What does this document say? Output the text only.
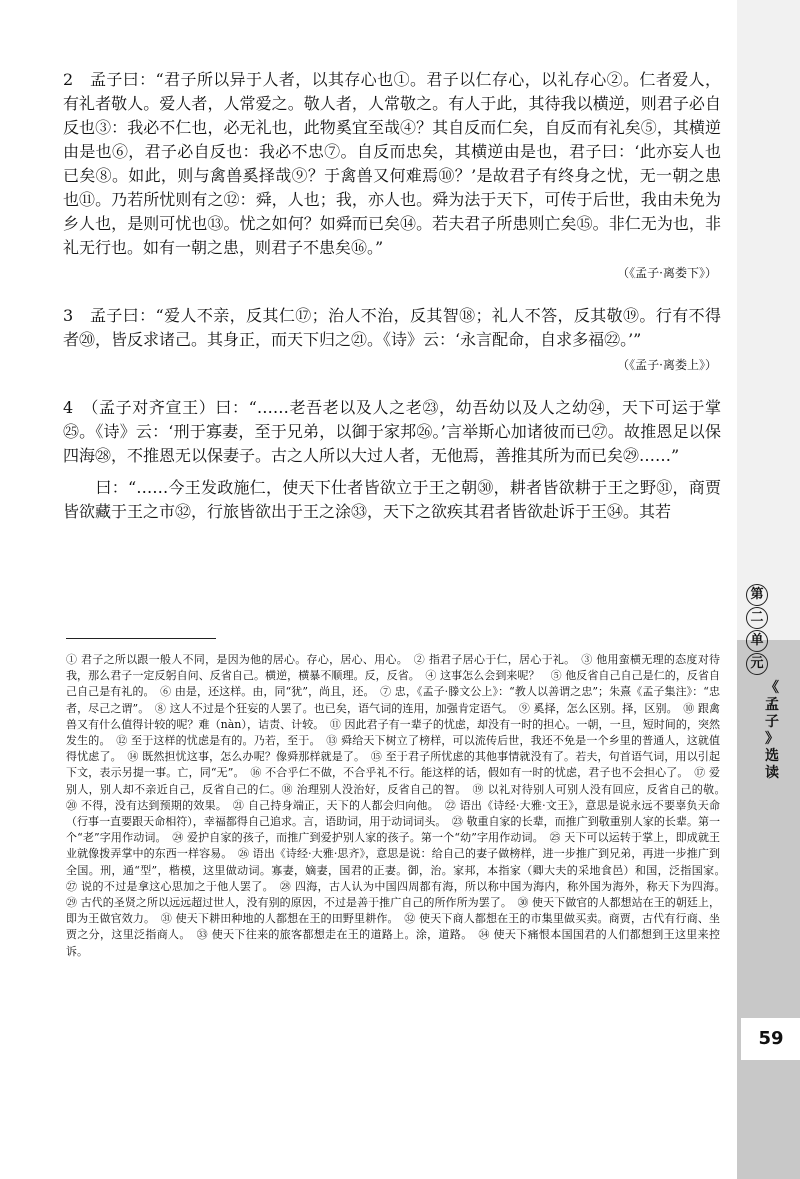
第
二
单
元
《
孟
子
》
选
读
59

2　孟子曰：“君子所以异于人者，以其存心也①。君子以仁存心，以礼存心②。仁者爱人，有礼者敬人。爱人者，人常爱之。敬人者，人常敬之。有人于此，其待我以横逆，则君子必自反也③：我必不仁也，必无礼也，此物奚宜至哉④？其自反而仁矣，自反而有礼矣⑤，其横逆由是也⑥，君子必自反也：我必不忠⑦。自反而忠矣，其横逆由是也，君子曰：‘此亦妄人也已矣⑧。如此，则与禽兽奚择哉⑨？于禽兽又何难焉⑩？’是故君子有终身之忧，无一朝之患也⑪。乃若所忧则有之⑫：舜，人也；我，亦人也。舜为法于天下，可传于后世，我由未免为乡人也，是则可忧也⑬。忧之如何？如舜而已矣⑭。若夫君子所患则亡矣⑮。非仁无为也，非礼无行也。如有一朝之患，则君子不患矣⑯。”

（《孟子·离娄下》）

3　孟子曰：“爱人不亲，反其仁⑰；治人不治，反其智⑱；礼人不答，反其敬⑲。行有不得者⑳，皆反求诸己。其身正，而天下归之㉑。《诗》云：‘永言配命，自求多福㉒。’”

（《孟子·离娄上》）

4　（孟子对齐宣王）曰：“……老吾老以及人之老㉓，幼吾幼以及人之幼㉔，天下可运于掌㉕。《诗》云：‘刑于寡妻，至于兄弟，以御于家邦㉖。’言举斯心加诸彼而已㉗。故推恩足以保四海㉘，不推恩无以保妻子。古之人所以大过人者，无他焉，善推其所为而已矣㉙……”

　　曰：“……今王发政施仁，使天下仕者皆欲立于王之朝㉚，耕者皆欲耕于王之野㉛，商贾皆欲藏于王之市㉜，行旅皆欲出于王之涂㉝，天下之欲疾其君者皆欲赴诉于王㉞。其若

① 君子之所以跟一般人不同，是因为他的居心。存心，居心、用心。　② 指君子居心于仁，居心于礼。　③ 他用蛮横无理的态度对待我，那么君子一定反躬自问、反省自己。横逆，横暴不顺理。反，反省。　④ 这事怎么会到来呢？　⑤ 他反省自己自己是仁的，反省自己自己是有礼的。　⑥ 由是，还这样。由，同“犹”，尚且，还。　⑦ 忠，《孟子·滕文公上》：“教人以善谓之忠”；朱熹《孟子集注》：“忠者，尽己之谓”。　⑧ 这人不过是个狂妄的人罢了。也已矣，语气词的连用，加强肯定语气。　⑨ 奚择，怎么区别。择，区别。　⑩ 跟禽兽又有什么值得计较的呢？难（nàn），诘责、计较。　⑪ 因此君子有一辈子的忧虑，却没有一时的担心。一朝，一旦，短时间的，突然发生的。　⑫ 至于这样的忧虑是有的。乃若，至于。　⑬ 舜给天下树立了榜样，可以流传后世，我还不免是一个乡里的普通人，这就值得忧虑了。　⑭ 既然担忧这事，怎么办呢？像舜那样就是了。　⑮ 至于君子所忧虑的其他事情就没有了。若夫，句首语气词，用以引起下文，表示另提一事。亡，同“无”。　⑯ 不合乎仁不做，不合乎礼不行。能这样的话，假如有一时的忧虑，君子也不会担心了。　⑰ 爱别人，别人却不亲近自己，反省自己的仁。⑱ 治理别人没治好，反省自己的智。　⑲ 以礼对待别人可别人没有回应，反省自己的敬。　⑳ 不得，没有达到预期的效果。　㉑ 自己持身端正，天下的人都会归向他。　㉒ 语出《诗经·大雅·文王》，意思是说永远不要辜负天命（行事一直要跟天命相符），幸福都得自己追求。言，语助词，用于动词词头。　㉓ 敬重自家的长辈，而推广到敬重别人家的长辈。第一个“老”字用作动词。　㉔ 爱护自家的孩子，而推广到爱护别人家的孩子。第一个“幼”字用作动词。　㉕ 天下可以运转于掌上，即成就王业就像拨弄掌中的东西一样容易。　㉖ 语出《诗经·大雅·思齐》，意思是说：给自己的妻子做榜样，进一步推广到兄弟，再进一步推广到全国。刑，通“型”，楷模，这里做动词。寡妻，嫡妻，国君的正妻。御，治。家邦，本指家（卿大夫的采地食邑）和国，泛指国家。　㉗ 说的不过是拿这心思加之于他人罢了。　㉘ 四海，古人认为中国四周都有海，所以称中国为海内，称外国为海外，称天下为四海。　㉙ 古代的圣贤之所以远远超过世人，没有别的原因，不过是善于推广自己的所作所为罢了。　㉚ 使天下做官的人都想站在王的朝廷上，即为王做官效力。　㉛ 使天下耕田种地的人都想在王的田野里耕作。　㉜ 使天下商人都想在王的市集里做买卖。商贾，古代有行商、坐贾之分，这里泛指商人。　㉝ 使天下往来的旅客都想走在王的道路上。涂，道路。　㉞ 使天下痛恨本国国君的人们都想到王这里来控诉。
